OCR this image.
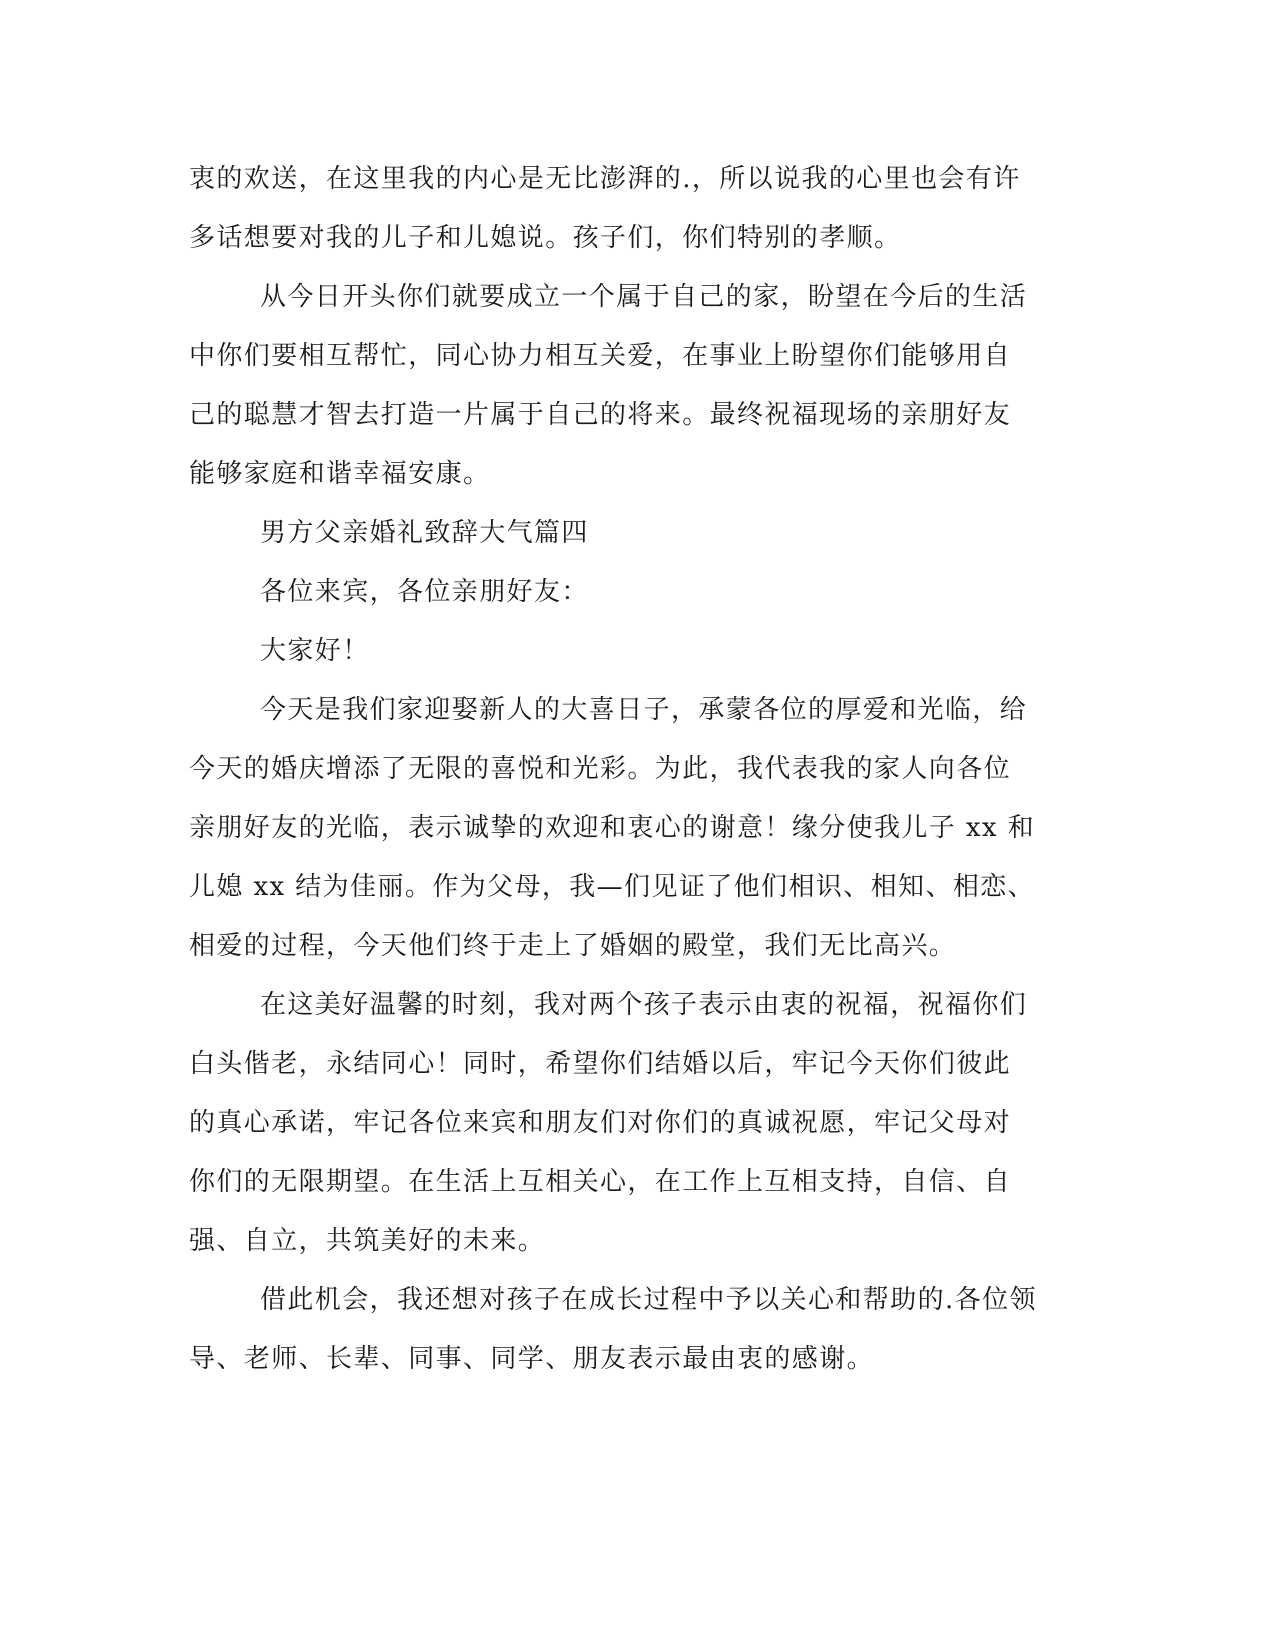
衷的欢送，在这里我的内心是无比澎湃的.，所以说我的心里也会有许
多话想要对我的儿子和儿媳说。孩子们，你们特别的孝顺。
从今日开头你们就要成立一个属于自己的家，盼望在今后的生活
中你们要相互帮忙，同心协力相互关爱，在事业上盼望你们能够用自
己的聪慧才智去打造一片属于自己的将来。最终祝福现场的亲朋好友
能够家庭和谐幸福安康。
男方父亲婚礼致辞大气篇四
各位来宾，各位亲朋好友：
大家好！
今天是我们家迎娶新人的大喜日子，承蒙各位的厚爱和光临，给
今天的婚庆增添了无限的喜悦和光彩。为此，我代表我的家人向各位
亲朋好友的光临，表示诚挚的欢迎和衷心的谢意！缘分使我儿子 xx 和
儿媳 xx 结为佳丽。作为父母，我—们见证了他们相识、相知、相恋、
相爱的过程，今天他们终于走上了婚姻的殿堂，我们无比高兴。
在这美好温馨的时刻，我对两个孩子表示由衷的祝福，祝福你们
白头偕老，永结同心！同时，希望你们结婚以后，牢记今天你们彼此
的真心承诺，牢记各位来宾和朋友们对你们的真诚祝愿，牢记父母对
你们的无限期望。在生活上互相关心，在工作上互相支持，自信、自
强、自立，共筑美好的未来。
借此机会，我还想对孩子在成长过程中予以关心和帮助的.各位领
导、老师、长辈、同事、同学、朋友表示最由衷的感谢。
